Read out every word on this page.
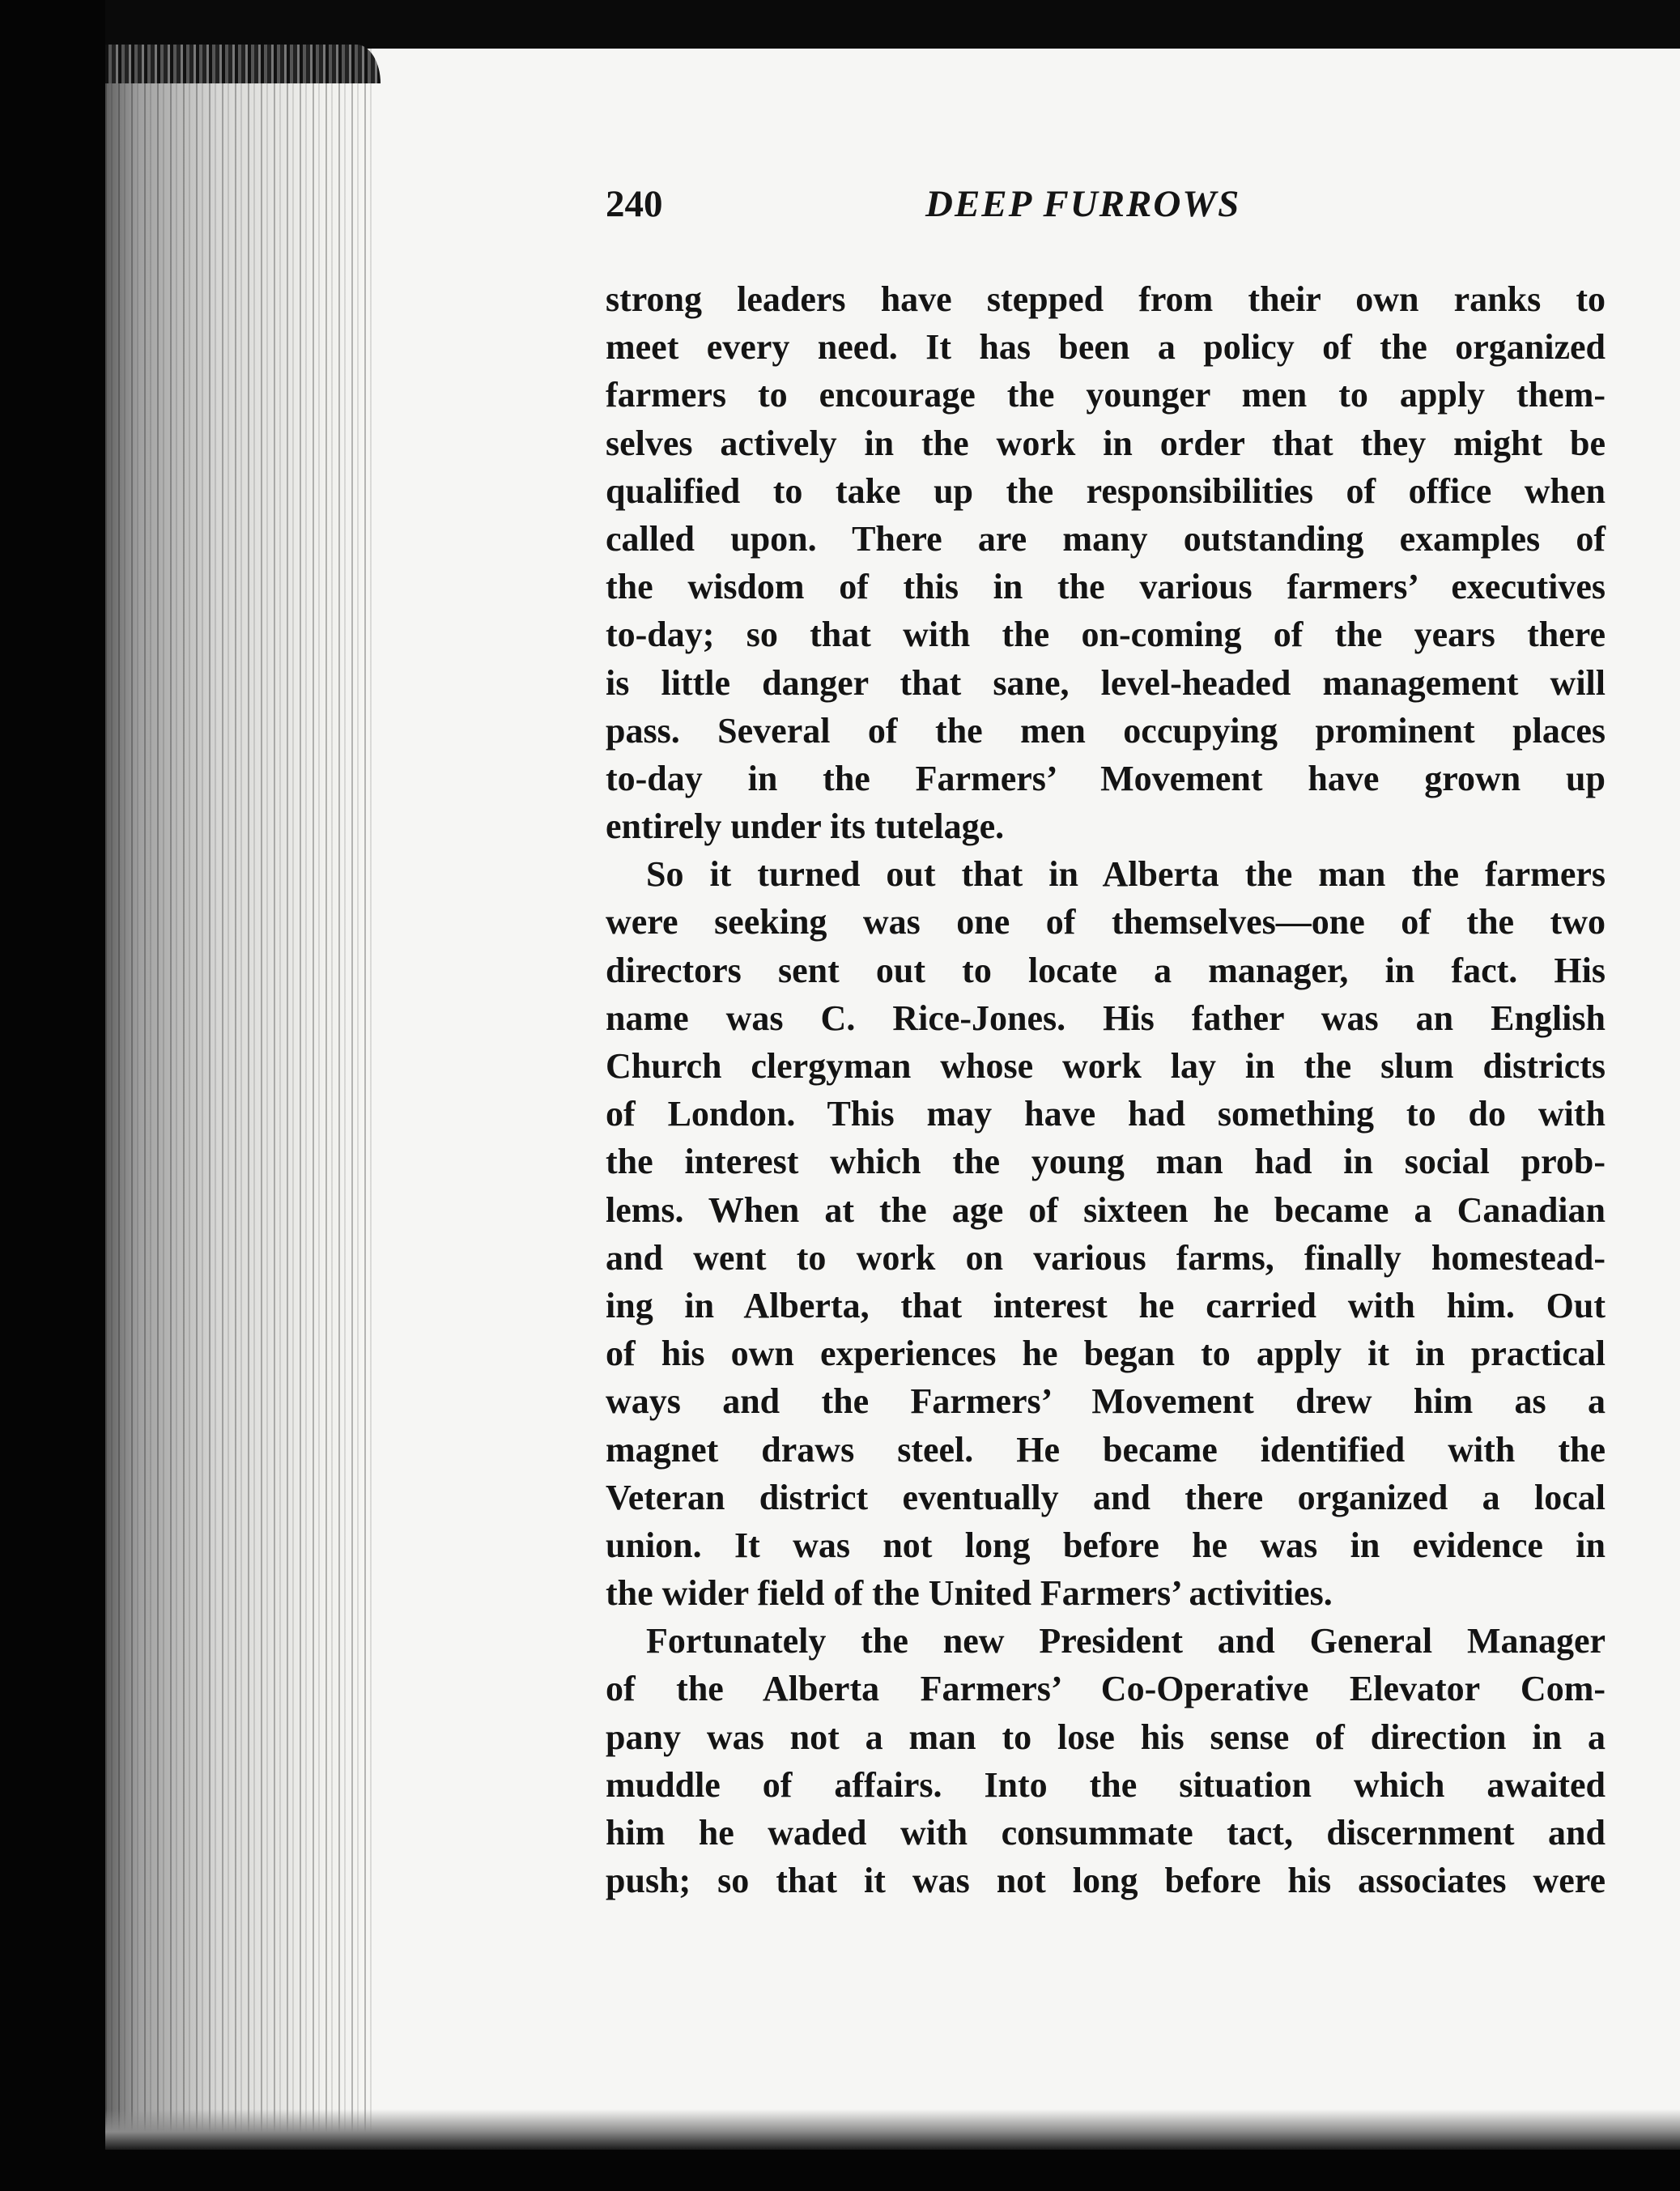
240	DEEP FURROWS
strong leaders have stepped from their own ranks to
meet every need. It has been a policy of the organized
farmers to encourage the younger men to apply them-
selves actively in the work in order that they might be
qualified to take up the responsibilities of office when
called upon. There are many outstanding examples of
the wisdom of this in the various farmers’ executives
to-day; so that with the on-coming of the years there
is little danger that sane, level-headed management will
pass. Several of the men occupying prominent places
to-day in the Farmers’ Movement have grown up
entirely under its tutelage.
So it turned out that in Alberta the man the farmers
were seeking was one of themselves—one of the two
directors sent out to locate a manager, in fact. His
name was C. Rice-Jones. His father was an English
Church clergyman whose work lay in the slum districts
of London. This may have had something to do with
the interest which the young man had in social prob-
lems. When at the age of sixteen he became a Canadian
and went to work on various farms, finally homestead-
ing in Alberta, that interest he carried with him. Out
of his own experiences he began to apply it in practical
ways and the Farmers’ Movement drew him as a
magnet draws steel. He became identified with the
Veteran district eventually and there organized a local
union. It was not long before he was in evidence in
the wider field of the United Farmers’ activities.
Fortunately the new President and General Manager
of the Alberta Farmers’ Co-Operative Elevator Com-
pany was not a man to lose his sense of direction in a
muddle of affairs. Into the situation which awaited
him he waded with consummate tact, discernment and
push; so that it was not long before his associates were
